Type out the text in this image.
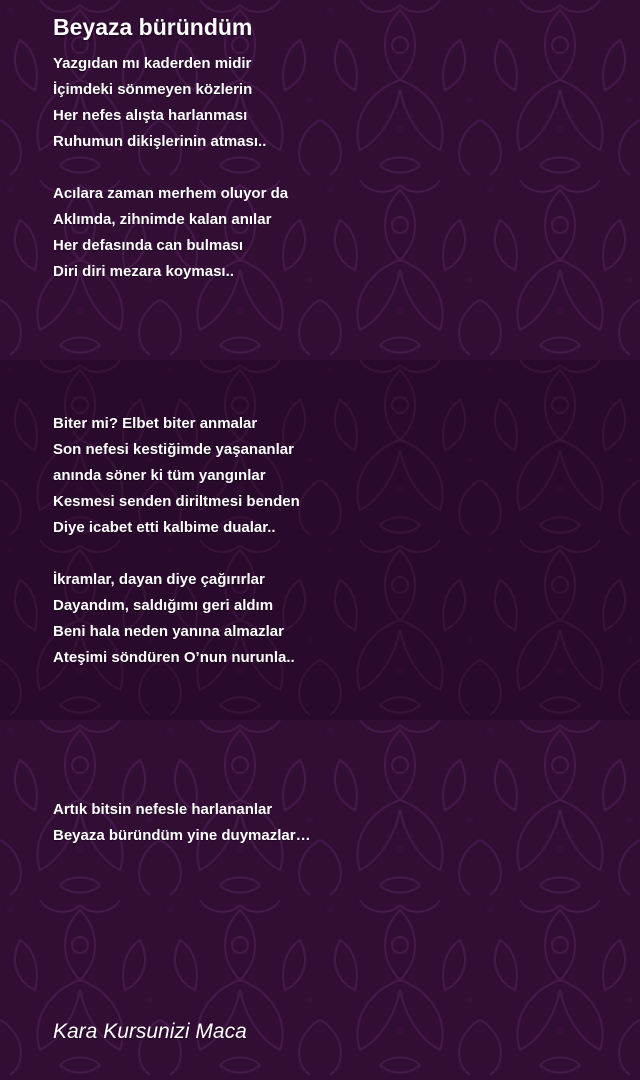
Beyaza büründüm
Yazgıdan mı kaderden midir
İçimdeki sönmeyen közlerin
Her nefes alışta harlanması
Ruhumun dikişlerinin atması..
Acılara zaman merhem oluyor da
Aklımda, zihnimde kalan anılar
Her defasında can bulması
Diri diri mezara koyması..
Biter mi? Elbet biter anmalar
Son nefesi kestiğimde yaşananlar
anında söner ki tüm yangınlar
Kesmesi senden diriltmesi benden
Diye icabet etti kalbime dualar..
İkramlar, dayan diye çağırırlar
Dayandım, saldığımı geri aldım
Beni hala neden yanına almazlar
Ateşimi söndüren O’nun nurunla..
Artık bitsin nefesle harlananlar
Beyaza büründüm yine duymazlar…
Kara Kursunizi Maca
